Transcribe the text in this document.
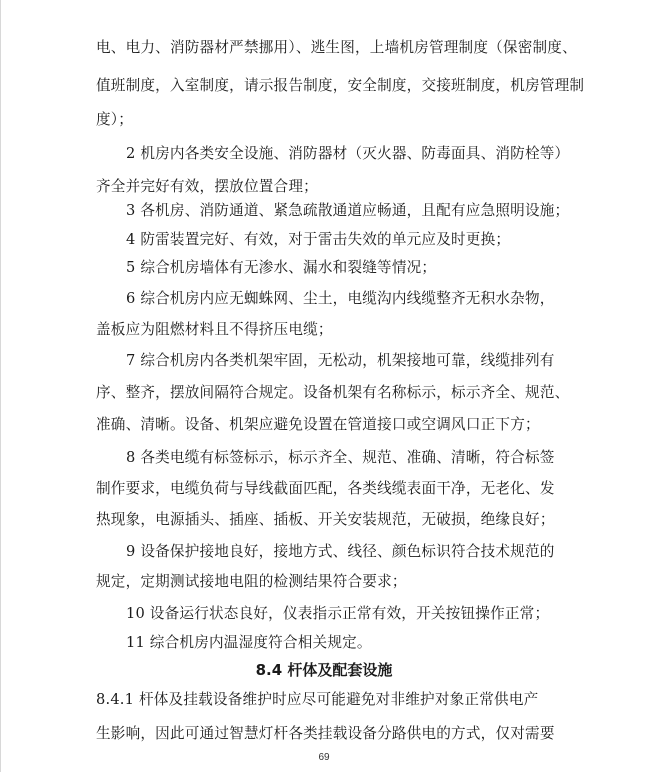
电、电力、消防器材严禁挪用）、逃生图，上墙机房管理制度（保密制度、
值班制度，入室制度，请示报告制度，安全制度，交接班制度，机房管理制
度）；
2 机房内各类安全设施、消防器材（灭火器、防毒面具、消防栓等）
齐全并完好有效，摆放位置合理；
3 各机房、消防通道、紧急疏散通道应畅通，且配有应急照明设施；
4 防雷装置完好、有效，对于雷击失效的单元应及时更换；
5 综合机房墙体有无渗水、漏水和裂缝等情况；
6 综合机房内应无蜘蛛网、尘土，电缆沟内线缆整齐无积水杂物，
盖板应为阻燃材料且不得挤压电缆；
7 综合机房内各类机架牢固，无松动，机架接地可靠，线缆排列有
序、整齐，摆放间隔符合规定。设备机架有名称标示，标示齐全、规范、
准确、清晰。设备、机架应避免设置在管道接口或空调风口正下方；
8 各类电缆有标签标示，标示齐全、规范、准确、清晰，符合标签
制作要求，电缆负荷与导线截面匹配，各类线缆表面干净，无老化、发
热现象，电源插头、插座、插板、开关安装规范，无破损，绝缘良好；
9 设备保护接地良好，接地方式、线径、颜色标识符合技术规范的
规定，定期测试接地电阻的检测结果符合要求；
10 设备运行状态良好，仪表指示正常有效，开关按钮操作正常；
11 综合机房内温湿度符合相关规定。
8.4 杆体及配套设施
8.4.1 杆体及挂载设备维护时应尽可能避免对非维护对象正常供电产
生影响，因此可通过智慧灯杆各类挂载设备分路供电的方式，仅对需要
69
